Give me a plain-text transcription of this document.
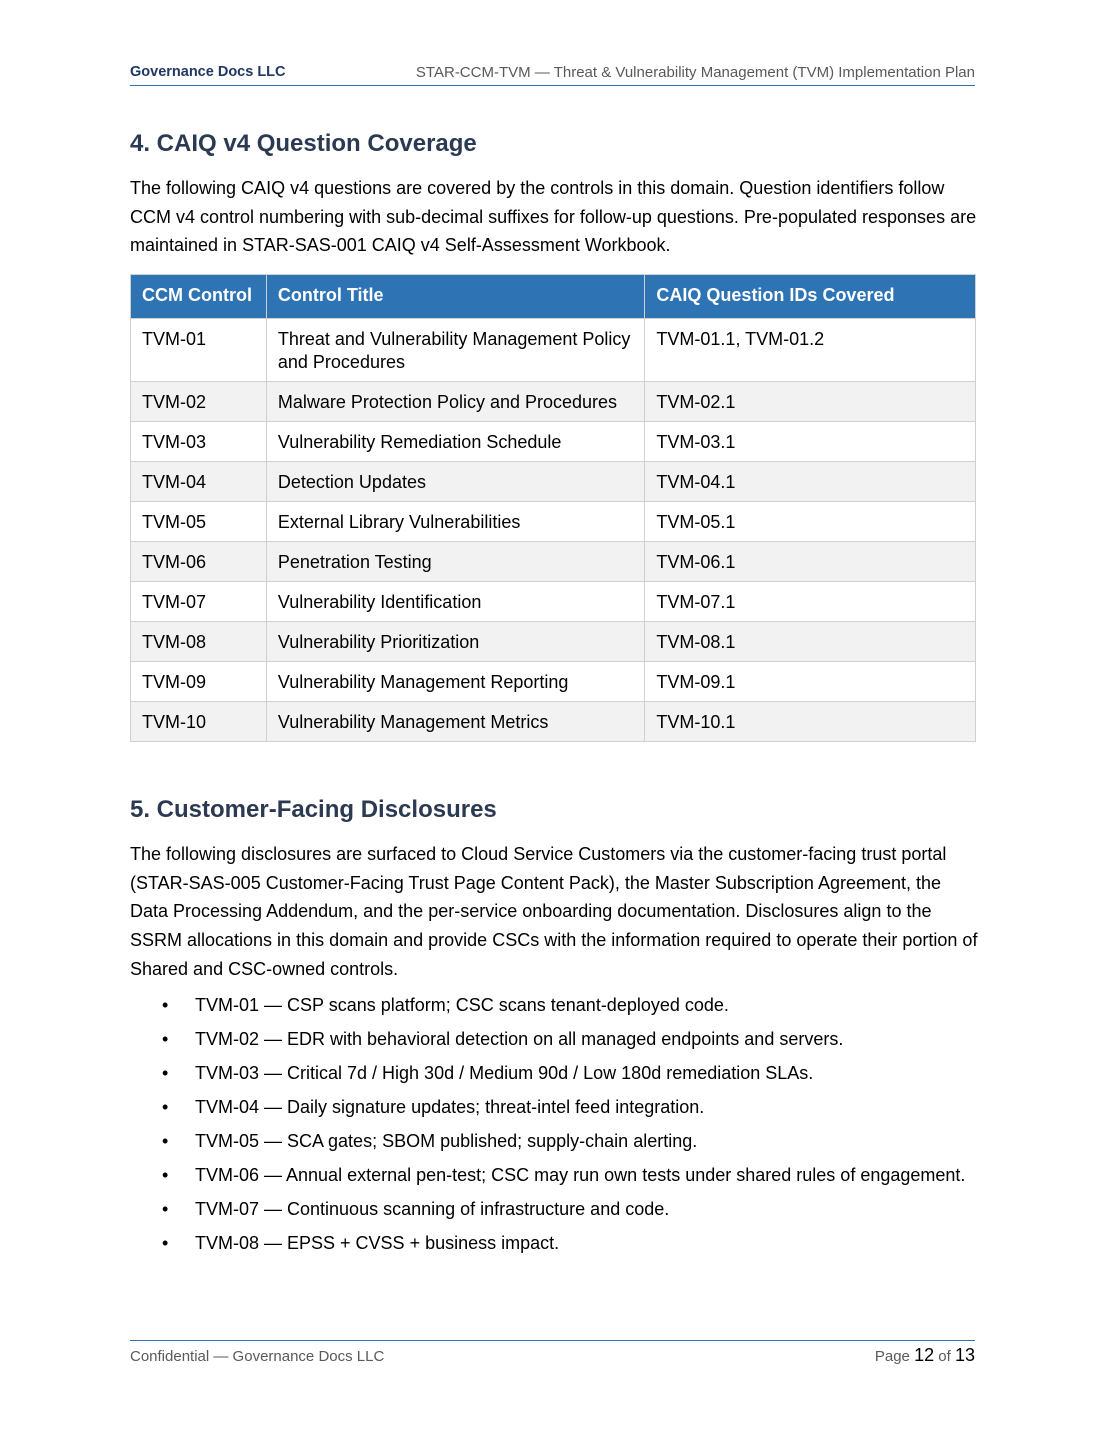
Governance Docs LLC	STAR-CCM-TVM — Threat & Vulnerability Management (TVM) Implementation Plan
4. CAIQ v4 Question Coverage

The following CAIQ v4 questions are covered by the controls in this domain. Question identifiers follow CCM v4 control numbering with sub-decimal suffixes for follow-up questions. Pre-populated responses are maintained in STAR-SAS-001 CAIQ v4 Self-Assessment Workbook.

CCM Control	Control Title	CAIQ Question IDs Covered
TVM-01	Threat and Vulnerability Management Policy and Procedures	TVM-01.1, TVM-01.2
TVM-02	Malware Protection Policy and Procedures	TVM-02.1
TVM-03	Vulnerability Remediation Schedule	TVM-03.1
TVM-04	Detection Updates	TVM-04.1
TVM-05	External Library Vulnerabilities	TVM-05.1
TVM-06	Penetration Testing	TVM-06.1
TVM-07	Vulnerability Identification	TVM-07.1
TVM-08	Vulnerability Prioritization	TVM-08.1
TVM-09	Vulnerability Management Reporting	TVM-09.1
TVM-10	Vulnerability Management Metrics	TVM-10.1
5. Customer-Facing Disclosures

The following disclosures are surfaced to Cloud Service Customers via the customer-facing trust portal (STAR-SAS-005 Customer-Facing Trust Page Content Pack), the Master Subscription Agreement, the Data Processing Addendum, and the per-service onboarding documentation. Disclosures align to the SSRM allocations in this domain and provide CSCs with the information required to operate their portion of Shared and CSC-owned controls.

• TVM-01 — CSP scans platform; CSC scans tenant-deployed code.
• TVM-02 — EDR with behavioral detection on all managed endpoints and servers.
• TVM-03 — Critical 7d / High 30d / Medium 90d / Low 180d remediation SLAs.
• TVM-04 — Daily signature updates; threat-intel feed integration.
• TVM-05 — SCA gates; SBOM published; supply-chain alerting.
• TVM-06 — Annual external pen-test; CSC may run own tests under shared rules of engagement.
• TVM-07 — Continuous scanning of infrastructure and code.
• TVM-08 — EPSS + CVSS + business impact.
Confidential — Governance Docs LLC	Page 12 of 13
